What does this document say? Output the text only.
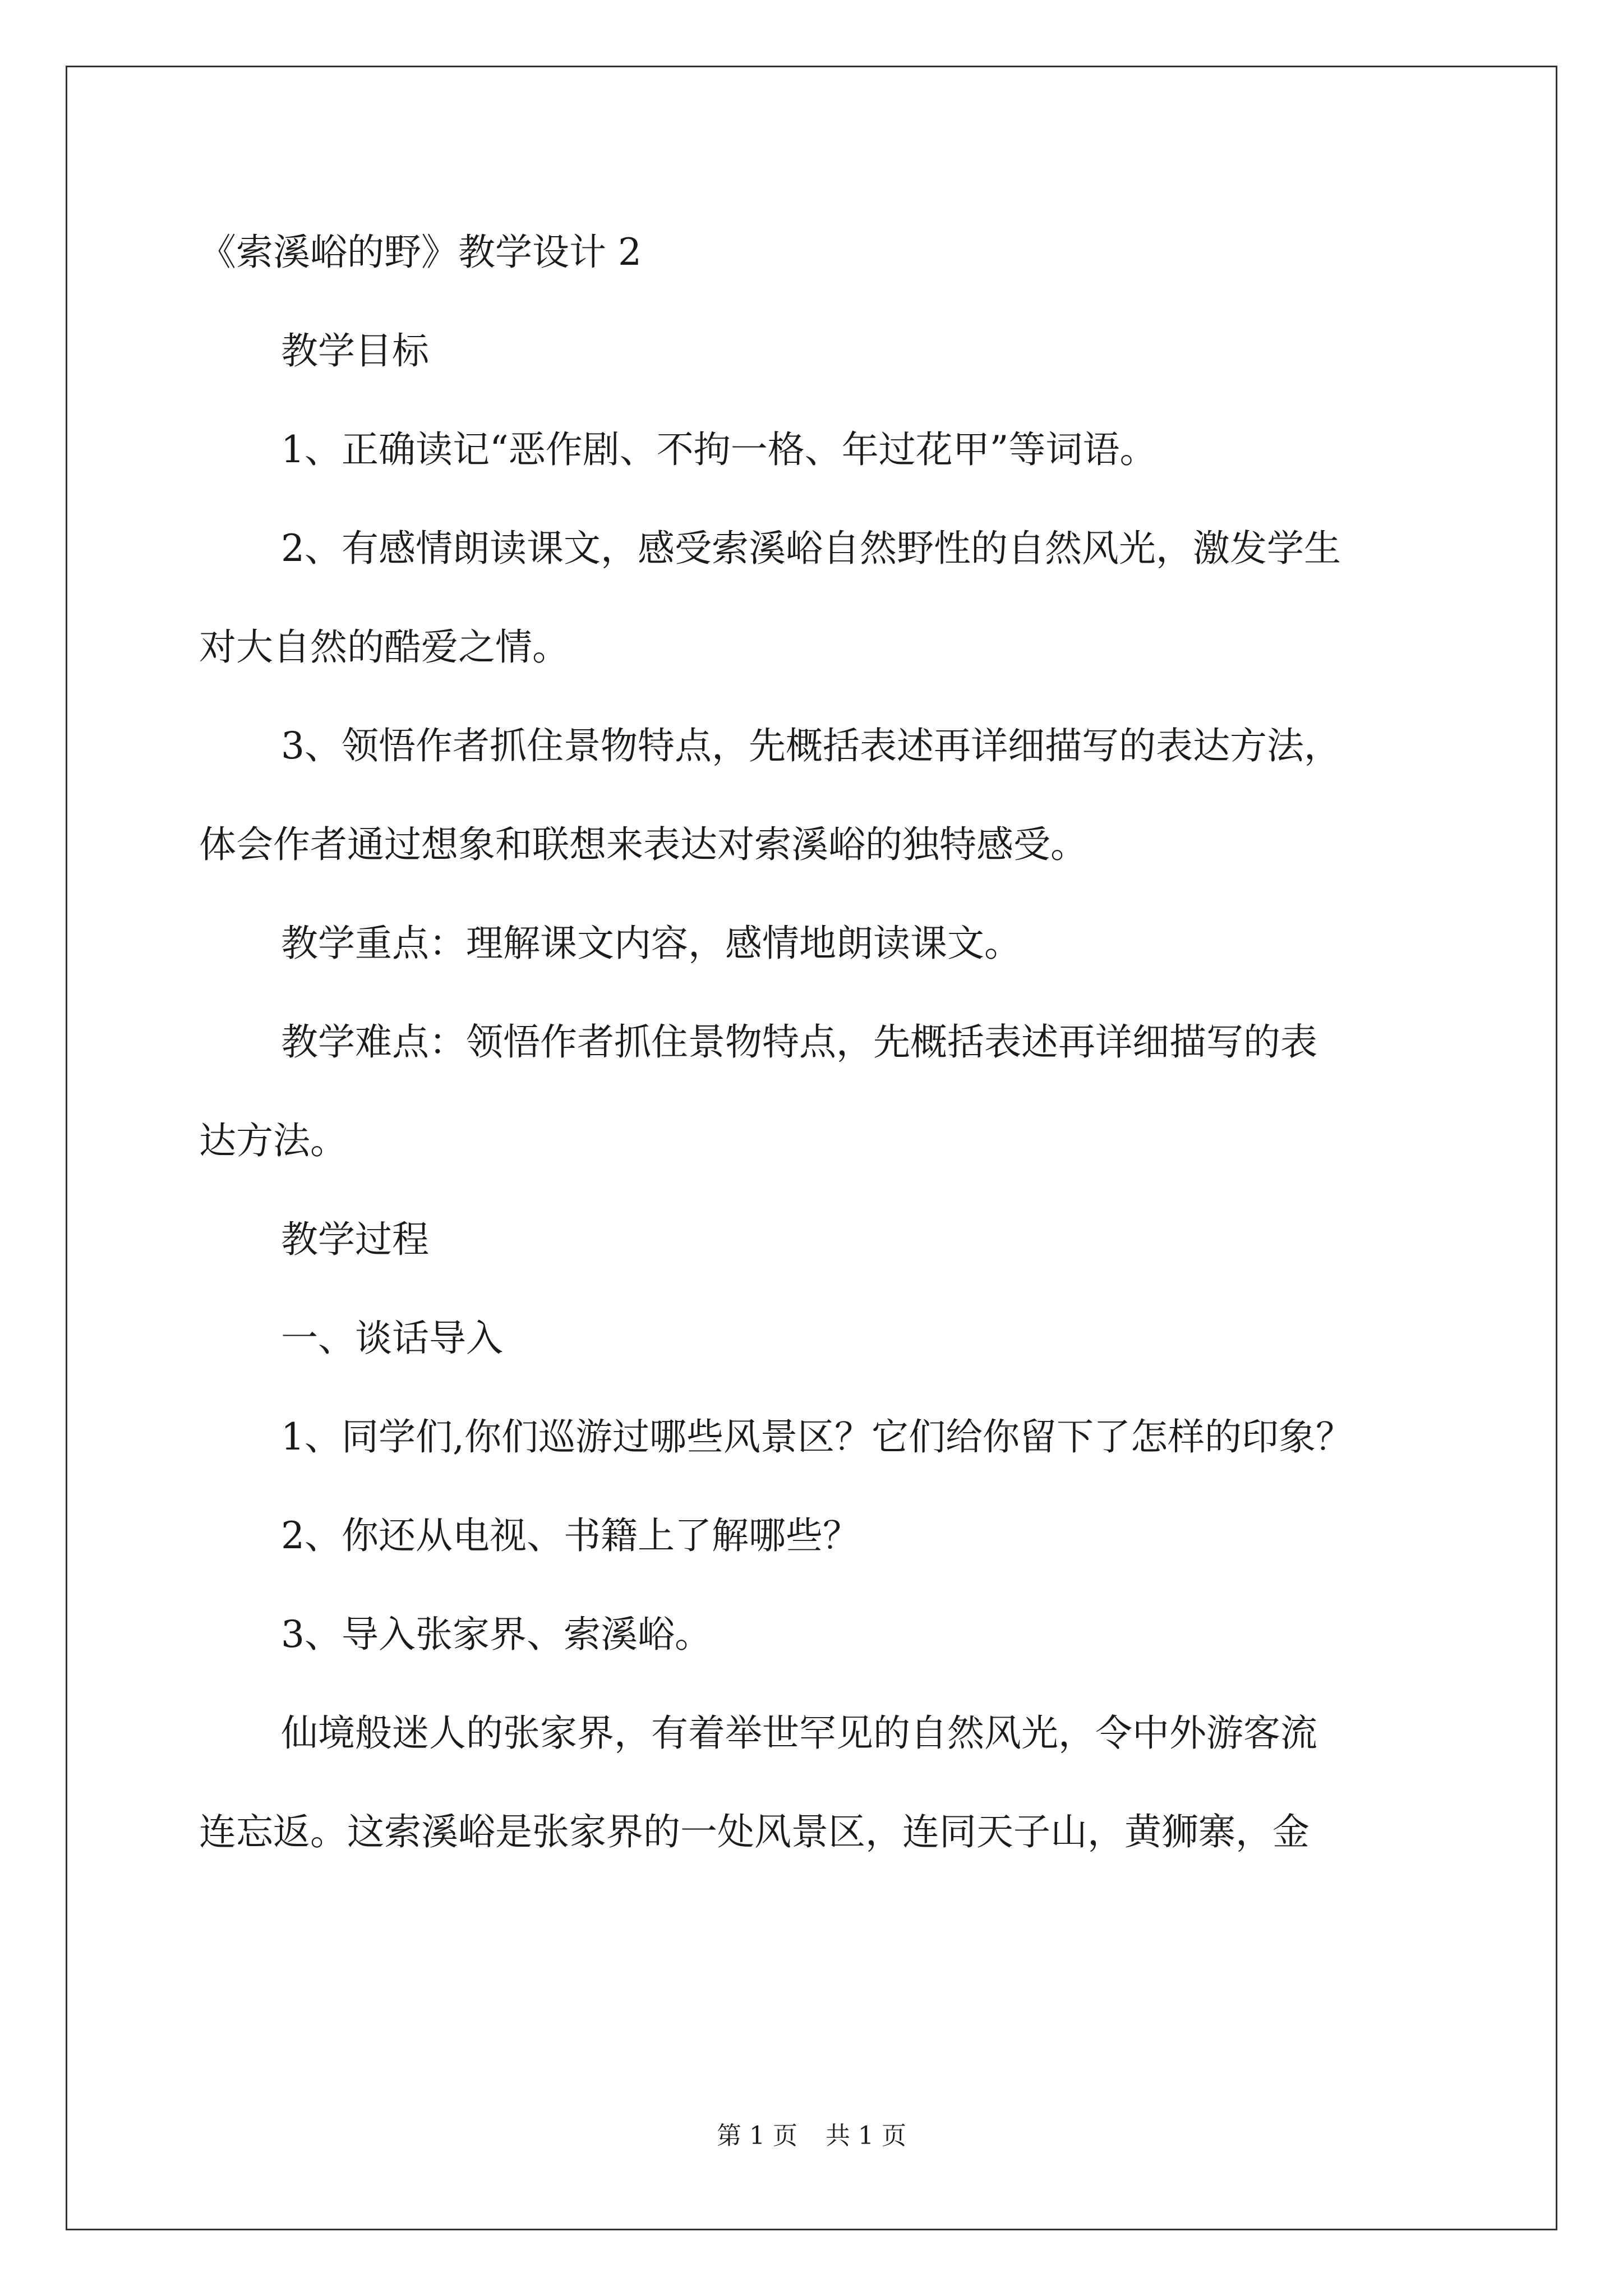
《索溪峪的野》教学设计 2

教学目标

1、正确读记“恶作剧、不拘一格、年过花甲”等词语。

2、有感情朗读课文，感受索溪峪自然野性的自然风光，激发学生

对大自然的酷爱之情。

3、领悟作者抓住景物特点，先概括表述再详细描写的表达方法，

体会作者通过想象和联想来表达对索溪峪的独特感受。

教学重点：理解课文内容，感情地朗读课文。

教学难点：领悟作者抓住景物特点，先概括表述再详细描写的表

达方法。

教学过程

一、谈话导入

1、同学们,你们巡游过哪些风景区？它们给你留下了怎样的印象？

2、你还从电视、书籍上了解哪些？

3、导入张家界、索溪峪。

仙境般迷人的张家界，有着举世罕见的自然风光，令中外游客流

连忘返。这索溪峪是张家界的一处风景区，连同天子山，黄狮寨，金

第 1 页 共 1 页
